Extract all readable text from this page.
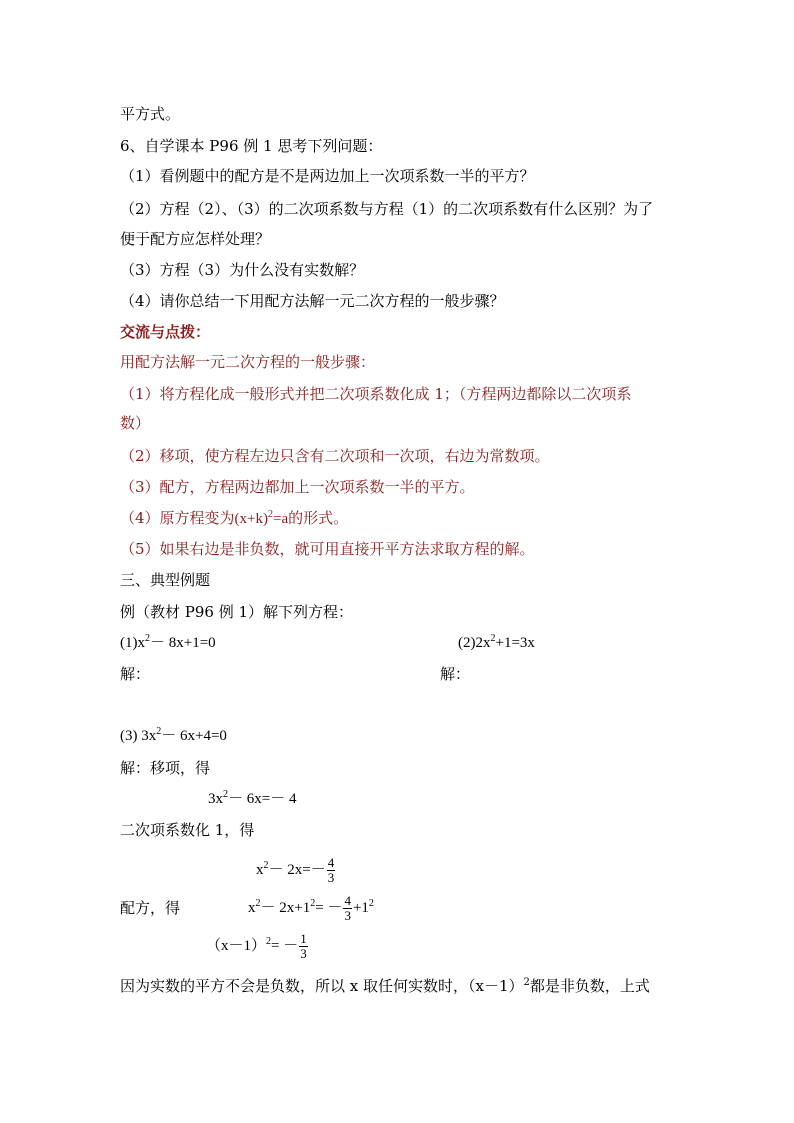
平方式。
6、自学课本 P96 例 1 思考下列问题：
（1）看例题中的配方是不是两边加上一次项系数一半的平方？
（2）方程（2）、（3）的二次项系数与方程（1）的二次项系数有什么区别？为了
便于配方应怎样处理？
（3）方程（3）为什么没有实数解？
（4）请你总结一下用配方法解一元二次方程的一般步骤？
交流与点拨：
用配方法解一元二次方程的一般步骤：
（1）将方程化成一般形式并把二次项系数化成 1；（方程两边都除以二次项系
数）
（2）移项，使方程左边只含有二次项和一次项，右边为常数项。
（3）配方，方程两边都加上一次项系数一半的平方。
（4）原方程变为$(x+k)^2=a$的形式。
（5）如果右边是非负数，就可用直接开平方法求取方程的解。
三、典型例题
例（教材 P96 例 1）解下列方程：
$(1)x^2- 8x+1=0$	$(2)2x^2+1=3x$
解：	解：
(3) $3x^2- 6x+4=0$
解：移项，得
$3x^2- 6x=- 4$
二次项系数化 1，得
$x^2- 2x=- \frac{4}{3}$
配方，得	$x^2- 2x+1^2= - \frac{4}{3} +1^2$
$(x-1)^2= - \frac{1}{3}$
因为实数的平方不会是负数，所以 x 取任何实数时，$(x-1)^2$都是非负数，上式
